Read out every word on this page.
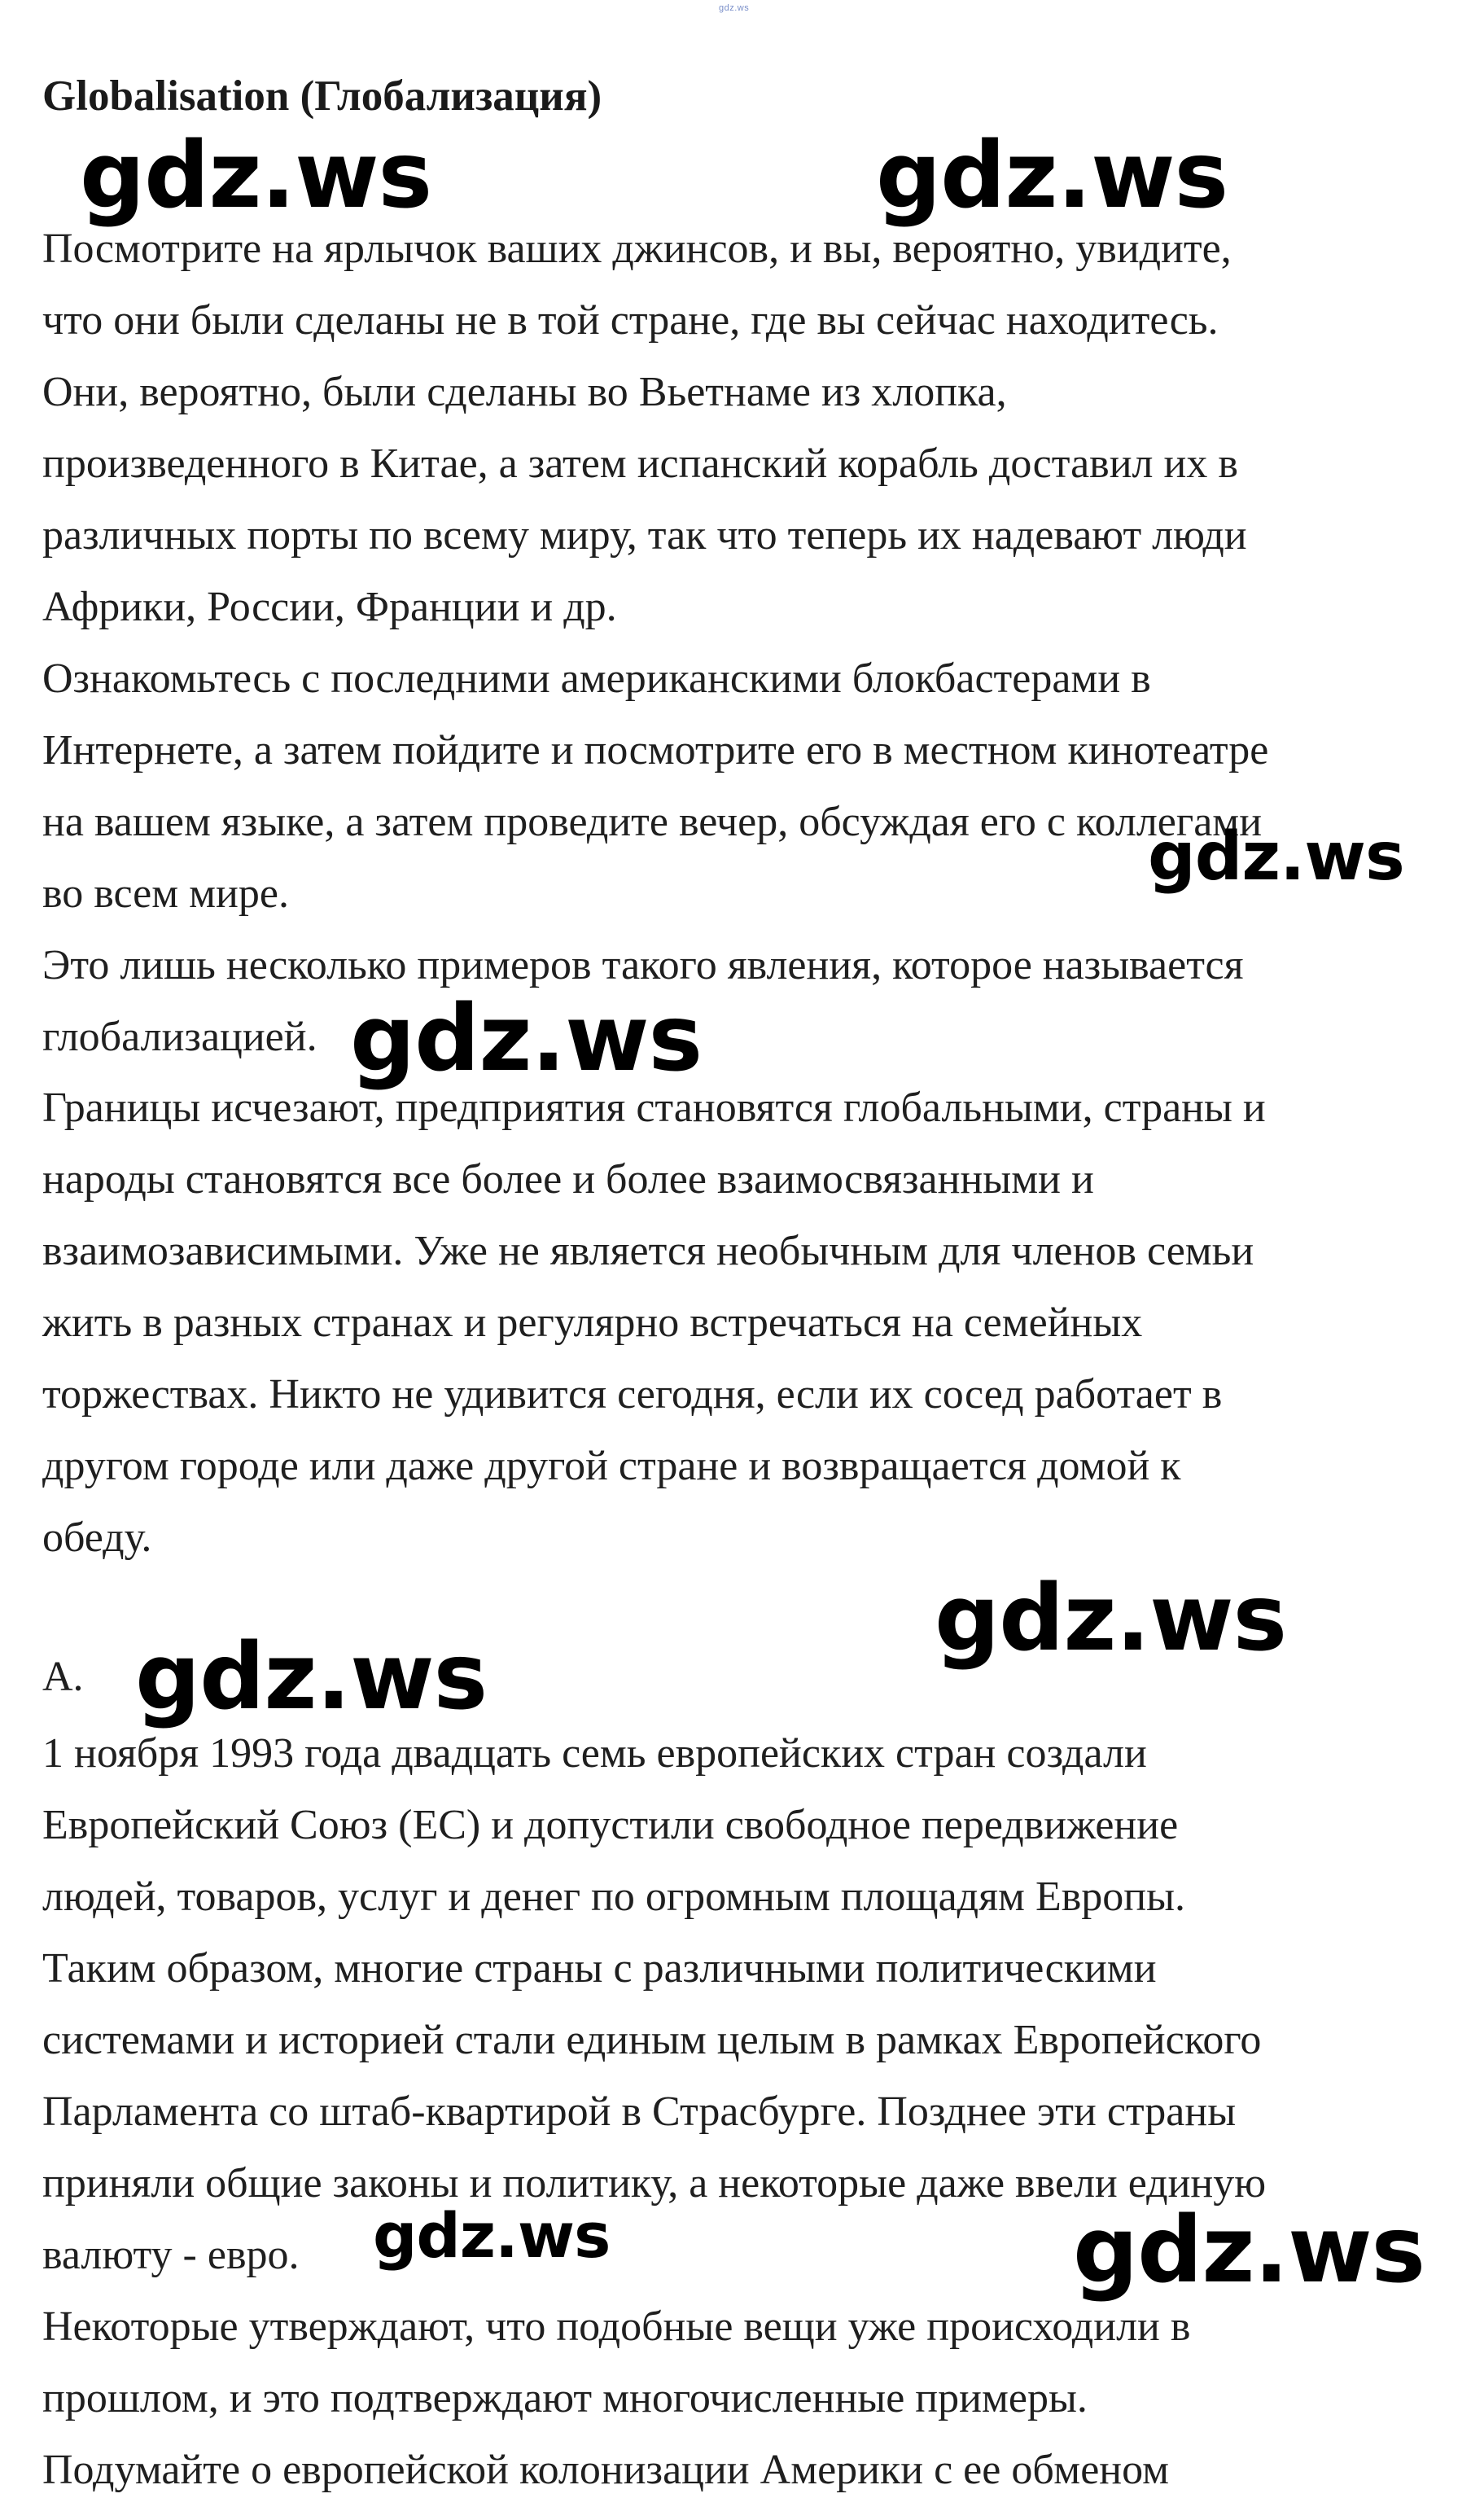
gdz.ws
Globalisation (Глобализация)
Посмотрите на ярлычок ваших джинсов, и вы, вероятно, увидите,
что они были сделаны не в той стране, где вы сейчас находитесь.
Они, вероятно, были сделаны во Вьетнаме из хлопка,
произведенного в Китае, а затем испанский корабль доставил их в
различных порты по всему миру, так что теперь их надевают люди
Африки, России, Франции и др.
Ознакомьтесь с последними американскими блокбастерами в
Интернете, а затем пойдите и посмотрите его в местном кинотеатре
на вашем языке, а затем проведите вечер, обсуждая его с коллегами
во всем мире.
Это лишь несколько примеров такого явления, которое называется
глобализацией.
Границы исчезают, предприятия становятся глобальными, страны и
народы становятся все более и более взаимосвязанными и
взаимозависимыми. Уже не является необычным для членов семьи
жить в разных странах и регулярно встречаться на семейных
торжествах. Никто не удивится сегодня, если их сосед работает в
другом городе или даже другой стране и возвращается домой к
обеду.
A.
1 ноября 1993 года двадцать семь европейских стран создали
Европейский Союз (ЕС) и допустили свободное передвижение
людей, товаров, услуг и денег по огромным площадям Европы.
Таким образом, многие страны с различными политическими
системами и историей стали единым целым в рамках Европейского
Парламента со штаб-квартирой в Страсбурге. Позднее эти страны
приняли общие законы и политику, а некоторые даже ввели единую
валюту - евро.
Некоторые утверждают, что подобные вещи уже происходили в
прошлом, и это подтверждают многочисленные примеры.
Подумайте о европейской колонизации Америки с ее обменом
gdz.ws	gdz.ws
gdz.ws
gdz.ws
gdz.ws
gdz.ws
gdz.ws	gdz.ws
